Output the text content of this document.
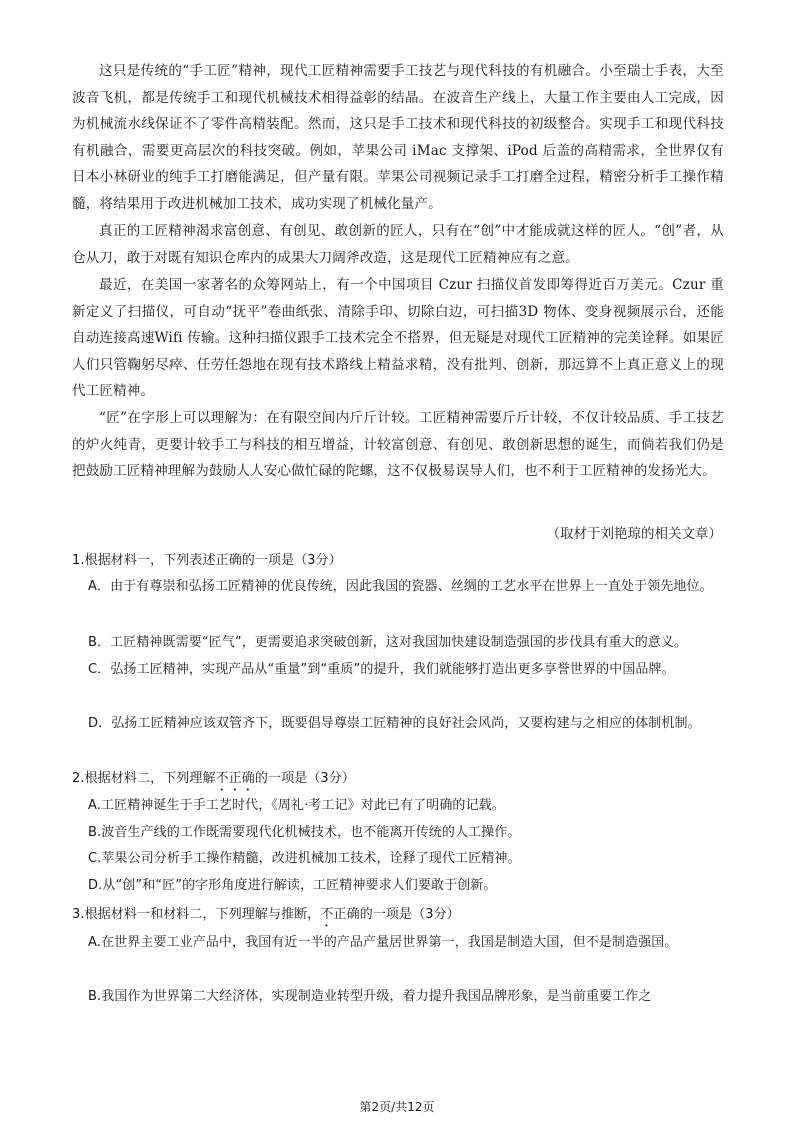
这只是传统的“手工匠”精神，现代工匠精神需要手工技艺与现代科技的有机融合。小至瑞士手表，大至波音飞机，都是传统手工和现代机械技术相得益彰的结晶。在波音生产线上，大量工作主要由人工完成，因为机械流水线保证不了零件高精装配。然而，这只是手工技术和现代科技的初级整合。实现手工和现代科技有机融合，需要更高层次的科技突破。例如，苹果公司 iMac 支撑架、iPod 后盖的高精需求，全世界仅有日本小林研业的纯手工打磨能满足，但产量有限。苹果公司视频记录手工打磨全过程，精密分析手工操作精髓，将结果用于改进机械加工技术，成功实现了机械化量产。

真正的工匠精神渴求富创意、有创见、敢创新的匠人，只有在“创”中才能成就这样的匠人。“创”者，从仓从刀，敢于对既有知识仓库内的成果大刀阔斧改造，这是现代工匠精神应有之意。

最近，在美国一家著名的众筹网站上，有一个中国项目 Czur 扫描仪首发即筹得近百万美元。Czur 重新定义了扫描仪，可自动“抚平”卷曲纸张、清除手印、切除白边，可扫描3D 物体、变身视频展示台，还能自动连接高速Wifi 传输。这种扫描仪跟手工技术完全不搭界，但无疑是对现代工匠精神的完美诠释。如果匠人们只管鞠躬尽瘁、任劳任怨地在现有技术路线上精益求精，没有批判、创新，那远算不上真正意义上的现代工匠精神。

“匠”在字形上可以理解为：在有限空间内斤斤计较。工匠精神需要斤斤计较，不仅计较品质、手工技艺的炉火纯青，更要计较手工与科技的相互增益，计较富创意、有创见、敢创新思想的诞生，而倘若我们仍是把鼓励工匠精神理解为鼓励人人安心做忙碌的陀螺，这不仅极易误导人们，也不利于工匠精神的发扬光大。

（取材于刘艳琼的相关文章）

1.根据材料一，下列表述正确的一项是（3分）

A．由于有尊崇和弘扬工匠精神的优良传统，因此我国的瓷器、丝绸的工艺水平在世界上一直处于领先地位。

B．工匠精神既需要“匠气”，更需要追求突破创新，这对我国加快建设制造强国的步伐具有重大的意义。

C．弘扬工匠精神，实现产品从“重量”到“重质”的提升，我们就能够打造出更多享誉世界的中国品牌。

D．弘扬工匠精神应该双管齐下，既要倡导尊崇工匠精神的良好社会风尚，又要构建与之相应的体制机制。

2.根据材料二，下列理解不正确的一项是（3分）

A.工匠精神诞生于手工艺时代，《周礼·考工记》对此已有了明确的记载。

B.波音生产线的工作既需要现代化机械技术，也不能离开传统的人工操作。

C.苹果公司分析手工操作精髓，改进机械加工技术，诠释了现代工匠精神。

D.从“创”和“匠”的字形角度进行解读，工匠精神要求人们要敢于创新。

3.根据材料一和材料二，下列理解与推断，不正确的一项是（3分）

A.在世界主要工业产品中，我国有近一半的产品产量居世界第一，我国是制造大国，但不是制造强国。

B.我国作为世界第二大经济体，实现制造业转型升级，着力提升我国品牌形象，是当前重要工作之

第2页/共12页
